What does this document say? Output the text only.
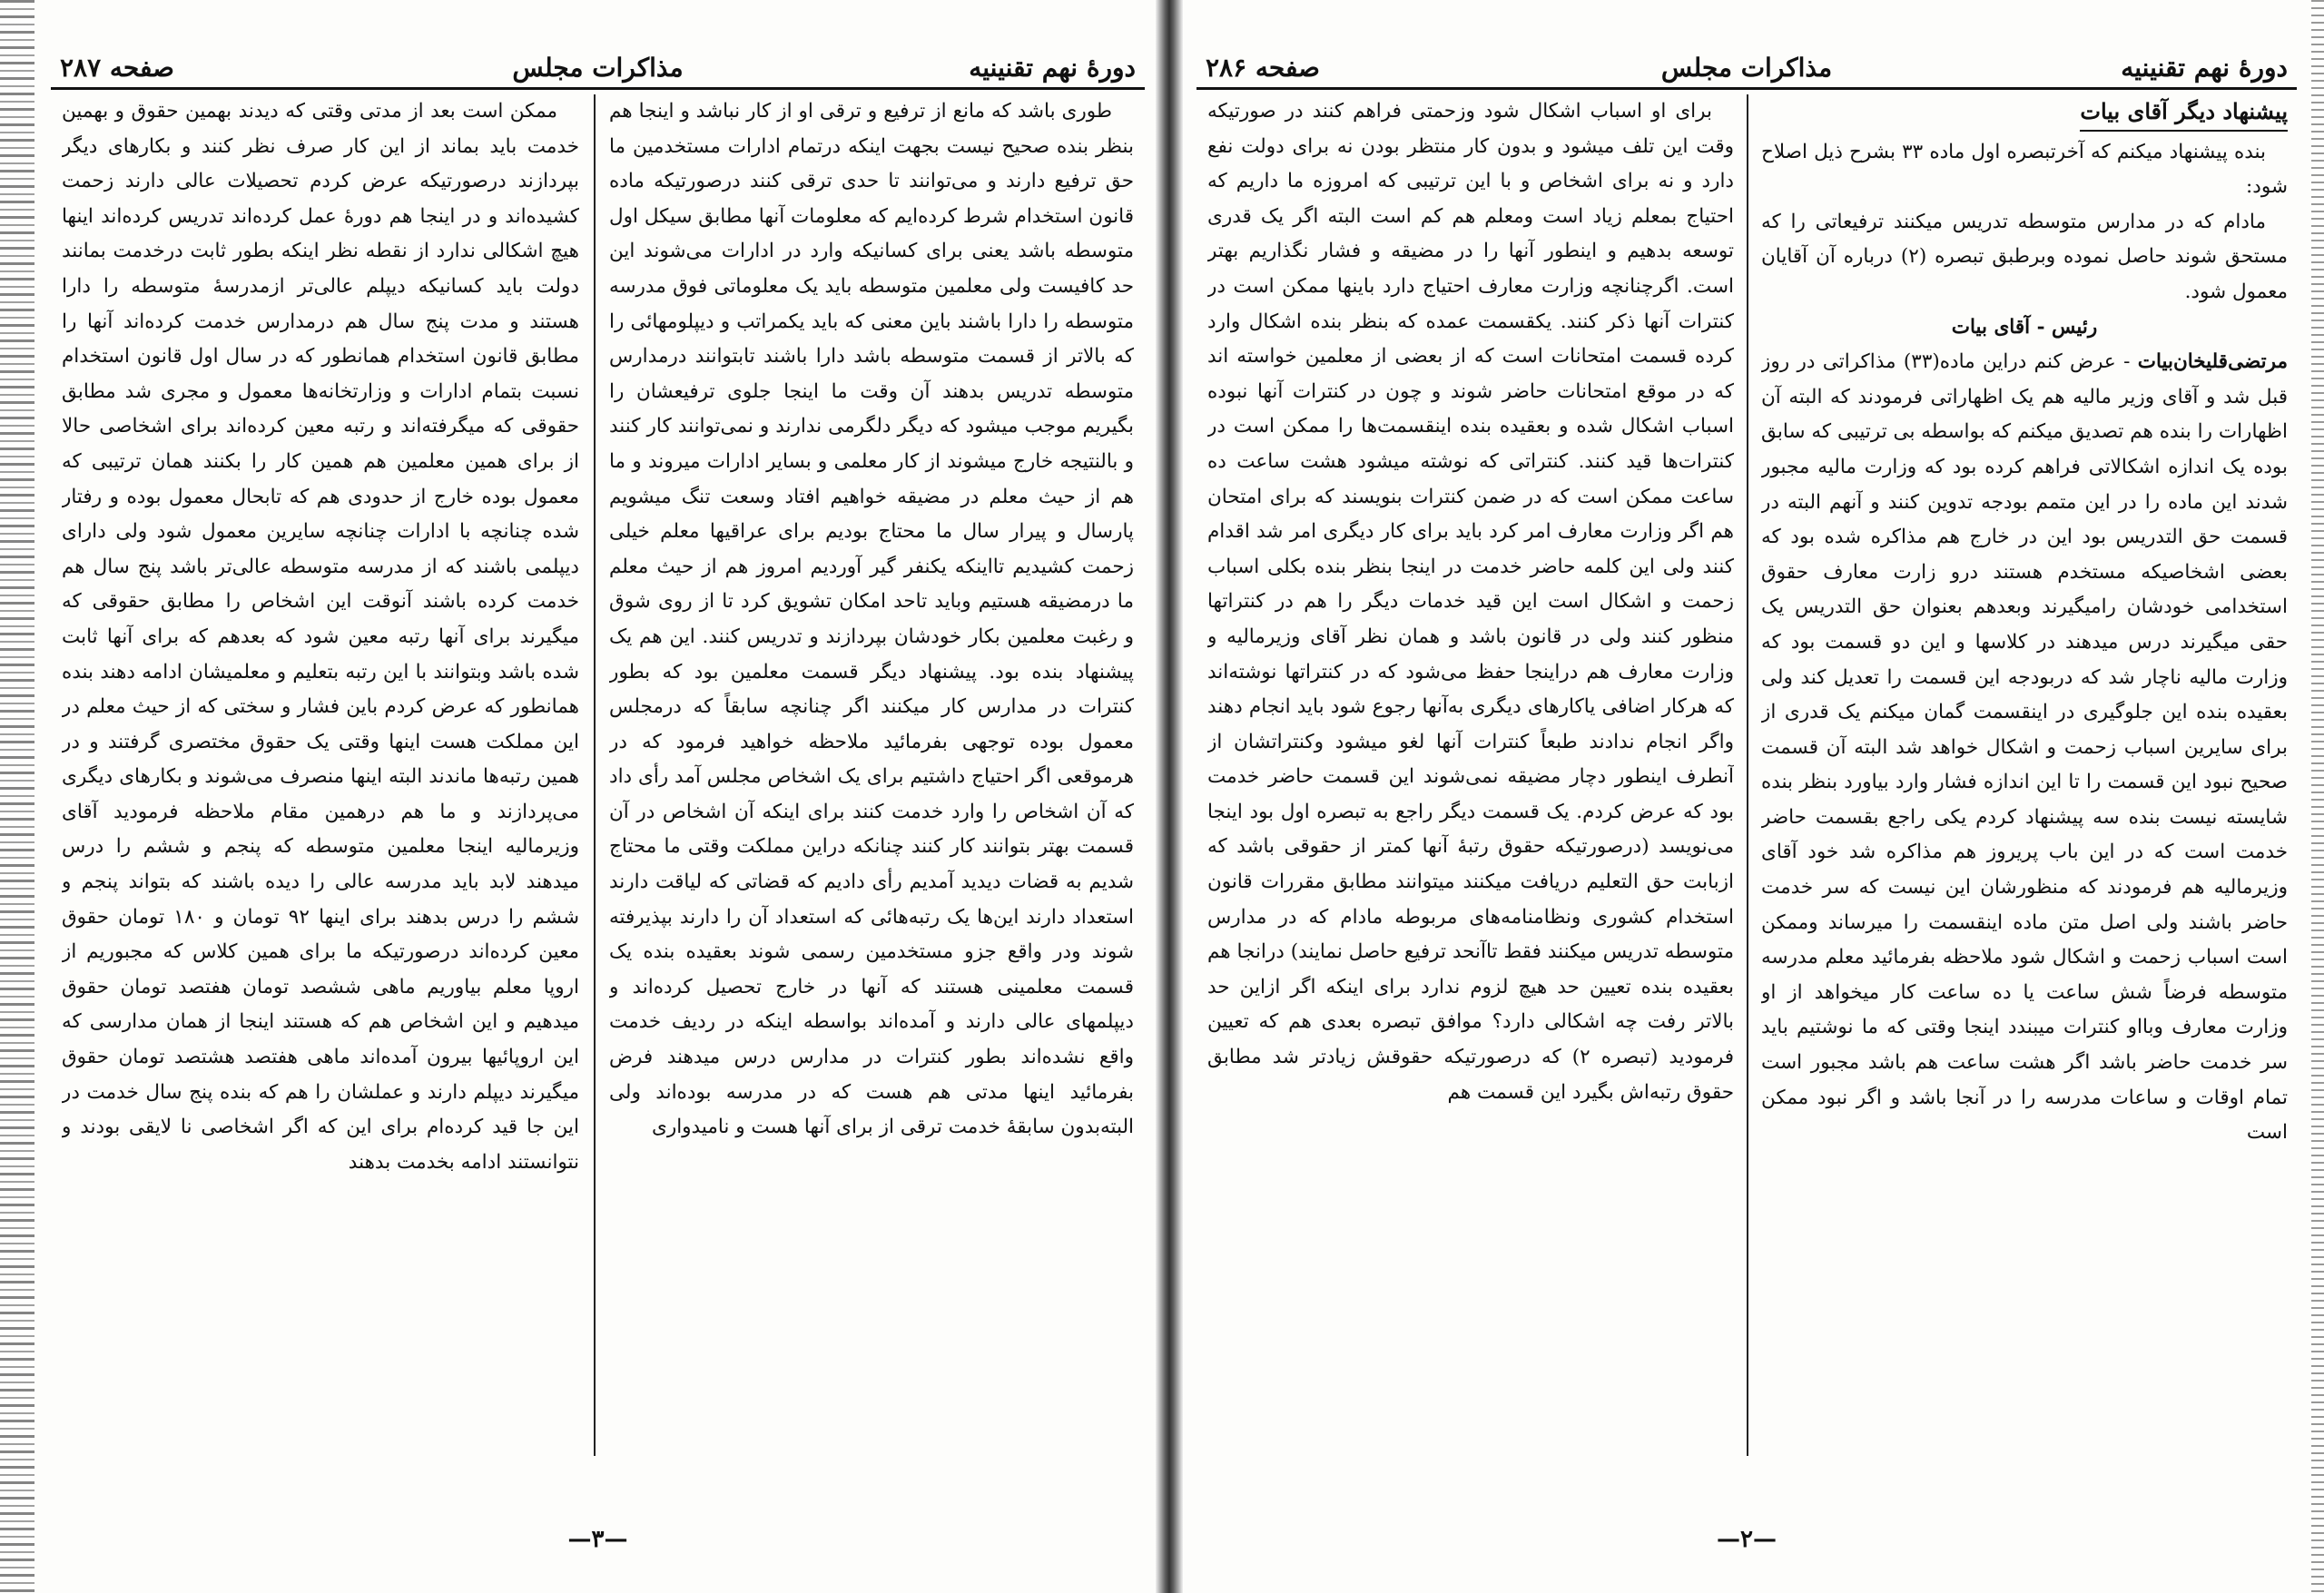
صفحه ۲۸۷	مذاکرات مجلس	دورهٔ نهم تقنینیه

ممکن است بعد از مدتی وقتی که دیدند بهمین حقوق و بهمین خدمت باید بماند از این کار صرف نظر کنند و بکارهای دیگر بپردازند درصورتیکه عرض کردم تحصیلات عالی دارند زحمت کشیده‌اند و در اینجا هم دورهٔ عمل کرده‌اند تدریس کرده‌اند اینها هیچ اشکالی ندارد از نقطه نظر اینکه بطور ثابت درخدمت بمانند دولت باید کسانیکه دیپلم عالی‌تر ازمدرسهٔ متوسطه را دارا هستند و مدت پنج سال هم درمدارس خدمت کرده‌اند آنها را مطابق قانون استخدام همانطور که در سال اول قانون استخدام نسبت بتمام ادارات و وزارتخانه‌ها معمول و مجری شد مطابق حقوقی که میگرفته‌اند و رتبه معین کرده‌اند برای اشخاصی حالا از برای همین معلمین هم همین کار را بکنند همان ترتیبی که معمول بوده خارج از حدودی هم که تابحال معمول بوده و رفتار شده چنانچه با ادارات چنانچه سایرین معمول شود ولی دارای دیپلمی باشند که از مدرسه متوسطه عالی‌تر باشد پنج سال هم خدمت کرده باشند آنوقت این اشخاص را مطابق حقوقی که میگیرند برای آنها رتبه معین شود که بعدهم که برای آنها ثابت شده باشد وبتوانند با این رتبه بتعلیم و معلمیشان ادامه دهند بنده همانطور که عرض کردم باین فشار و سختی که از حیث معلم در این مملکت هست اینها وقتی یک حقوق مختصری گرفتند و در همین رتبه‌ها ماندند البته اینها منصرف می‌شوند و بکارهای دیگری می‌پردازند و ما هم درهمین مقام ملاحظه فرمودید آقای وزیرمالیه اینجا معلمین متوسطه که پنجم و ششم را درس میدهند لابد باید مدرسه عالی را دیده باشند که بتواند پنجم و ششم را درس بدهند برای اینها ۹۲ تومان و ۱۸۰ تومان حقوق معین کرده‌اند درصورتیکه ما برای همین کلاس که مجبوریم از اروپا معلم بیاوریم ماهی ششصد تومان هفتصد تومان حقوق میدهیم و این اشخاص هم که هستند اینجا از همان مدارسی که این اروپائیها بیرون آمده‌اند ماهی هفتصد هشتصد تومان حقوق میگیرند دیپلم دارند و عملشان را هم که بنده پنج سال خدمت در این جا قید کرده‌ام برای این که اگر اشخاصی نا لایقی بودند و نتوانستند ادامه بخدمت بدهند

طوری باشد که مانع از ترفیع و ترقی او از کار نباشد و اینجا هم بنظر بنده صحیح نیست بجهت اینکه درتمام ادارات مستخدمین ما حق ترفیع دارند و می‌توانند تا حدی ترقی کنند درصورتیکه ماده قانون استخدام شرط کرده‌ایم که معلومات آنها مطابق سیکل اول متوسطه باشد یعنی برای کسانیکه وارد در ادارات می‌شوند این حد کافیست ولی معلمین متوسطه باید یک معلوماتی فوق مدرسه متوسطه را دارا باشند باین معنی که باید یکمراتب و دیپلومهائی را که بالاتر از قسمت متوسطه باشد دارا باشند تابتوانند درمدارس متوسطه تدریس بدهند آن وقت ما اینجا جلوی ترفیعشان را بگیریم موجب میشود که دیگر دلگرمی ندارند و نمی‌توانند کار کنند و بالنتیجه خارج میشوند از کار معلمی و بسایر ادارات میروند و ما هم از حیث معلم در مضیقه خواهیم افتاد وسعت تنگ میشویم پارسال و پیرار سال ما محتاج بودیم برای عراقیها معلم خیلی زحمت کشیدیم تااینکه یکنفر گیر آوردیم امروز هم از حیث معلم ما درمضیقه هستیم وباید تاحد امکان تشویق کرد تا از روی شوق و رغبت معلمین بکار خودشان بپردازند و تدریس کنند. این هم یک پیشنهاد بنده بود. پیشنهاد دیگر قسمت معلمین بود که بطور کنترات در مدارس کار میکنند اگر چنانچه سابقاً که درمجلس معمول بوده توجهی بفرمائید ملاحظه خواهید فرمود که در هرموقعی اگر احتیاج داشتیم برای یک اشخاص مجلس آمد رأی داد که آن اشخاص را وارد خدمت کنند برای اینکه آن اشخاص در آن قسمت بهتر بتوانند کار کنند چنانکه دراین مملکت وقتی ما محتاج شدیم به قضات دیدید آمدیم رأی دادیم که قضاتی که لیاقت دارند استعداد دارند این‌ها یک رتبه‌هائی که استعداد آن را دارند بپذیرفته شوند ودر واقع جزو مستخدمین رسمی شوند بعقیده بنده یک قسمت معلمینی هستند که آنها در خارج تحصیل کرده‌اند و دیپلمهای عالی دارند و آمده‌اند بواسطه اینکه در ردیف خدمت واقع نشده‌اند بطور کنترات در مدارس درس میدهند فرض بفرمائید اینها مدتی هم هست که در مدرسه بوده‌اند ولی البته‌بدون سابقهٔ خدمت ترقی از برای آنها هست و نامیدواری

—۳—
صفحه ۲۸۶	مذاکرات مجلس	دورهٔ نهم تقنینیه

برای او اسباب اشکال شود وزحمتی فراهم کنند در صورتیکه وقت این تلف میشود و بدون کار منتظر بودن نه برای دولت نفع دارد و نه برای اشخاص و با این ترتیبی که امروزه ما داریم که احتیاج بمعلم زیاد است ومعلم هم کم است البته اگر یک قدری توسعه بدهیم و اینطور آنها را در مضیقه و فشار نگذاریم بهتر است. اگرچنانچه وزارت معارف احتیاج دارد باینها ممکن است در کنترات آنها ذکر کنند. یکقسمت عمده که بنظر بنده اشکال وارد کرده قسمت امتحانات است که از بعضی از معلمین خواسته اند که در موقع امتحانات حاضر شوند و چون در کنترات آنها نبوده اسباب اشکال شده و بعقیده بنده اینقسمت‌ها را ممکن است در کنترات‌ها قید کنند. کنتراتی که نوشته میشود هشت ساعت ده ساعت ممکن است که در ضمن کنترات بنویسند که برای امتحان هم اگر وزارت معارف امر کرد باید برای کار دیگری امر شد اقدام کنند ولی این کلمه حاضر خدمت در اینجا بنظر بنده بکلی اسباب زحمت و اشکال است این قید خدمات دیگر را هم در کنتراتها منظور کنند ولی در قانون باشد و همان نظر آقای وزیرمالیه و وزارت معارف هم دراینجا حفظ می‌شود که در کنتراتها نوشته‌اند که هرکار اضافی یاکارهای دیگری به‌آنها رجوع شود باید انجام دهند واگر انجام ندادند طبعاً کنترات آنها لغو میشود وکنتراتشان از آنطرف اینطور دچار مضیقه نمی‌شوند این قسمت حاضر خدمت بود که عرض کردم. یک قسمت دیگر راجع به تبصره اول بود اینجا می‌نویسد (درصورتیکه حقوق رتبهٔ آنها کمتر از حقوقی باشد که ازبابت حق التعلیم دریافت میکنند میتوانند مطابق مقررات قانون استخدام کشوری ونظامنامه‌های مربوطه مادام که در مدارس متوسطه تدریس میکنند فقط تاآنحد ترفیع حاصل نمایند) درانجا هم بعقیده بنده تعیین حد هیچ لزوم ندارد برای اینکه اگر ازاین حد بالاتر رفت چه اشکالی دارد؟ موافق تبصره بعدی هم که تعیین فرمودید (تبصره ۲) که درصورتیکه حقوقش زیادتر شد مطابق حقوق رتبه‌اش بگیرد این قسمت هم

پیشنهاد دیگر آقای بیات

بنده پیشنهاد میکنم که آخرتبصره اول ماده ۳۳ بشرح ذیل اصلاح شود:

مادام که در مدارس متوسطه تدریس میکنند ترفیعاتی را که مستحق شوند حاصل نموده وبرطبق تبصره (۲) درباره آن آقایان معمول شود.

رئیس - آقای بیات

مرتضی‌قلیخان‌بیات - عرض کنم دراین ماده(۳۳) مذاکراتی در روز قبل شد و آقای وزیر مالیه هم یک اظهاراتی فرمودند که البته آن اظهارات را بنده هم تصدیق میکنم که بواسطه بی ترتیبی که سابق بوده یک اندازه اشکالاتی فراهم کرده بود که وزارت مالیه مجبور شدند این ماده را در این متمم بودجه تدوین کنند و آنهم البته در قسمت حق التدریس بود این در خارج هم مذاکره شده بود که بعضی اشخاصیکه مستخدم هستند درو زارت معارف حقوق استخدامی خودشان رامیگیرند وبعدهم بعنوان حق التدریس یک حقی میگیرند درس میدهند در کلاسها و این دو قسمت بود که وزارت مالیه ناچار شد که دربودجه این قسمت را تعدیل کند ولی بعقیده بنده این جلوگیری در اینقسمت گمان میکنم یک قدری از برای سایرین اسباب زحمت و اشکال خواهد شد البته آن قسمت صحیح نبود این قسمت را تا این اندازه فشار وارد بیاورد بنظر بنده شایسته نیست بنده سه پیشنهاد کردم یکی راجع بقسمت حاضر خدمت است که در این باب پریروز هم مذاکره شد خود آقای وزیرمالیه هم فرمودند که منظورشان این نیست که سر خدمت حاضر باشند ولی اصل متن ماده اینقسمت را میرساند وممکن است اسباب زحمت و اشکال شود ملاحظه بفرمائید معلم مدرسه متوسطه فرضاً شش ساعت یا ده ساعت کار میخواهد از او وزارت معارف وبااو کنترات میبندد اینجا وقتی که ما نوشتیم باید سر خدمت حاضر باشد اگر هشت ساعت هم باشد مجبور است تمام اوقات و ساعات مدرسه را در آنجا باشد و اگر نبود ممکن است

—۲—
